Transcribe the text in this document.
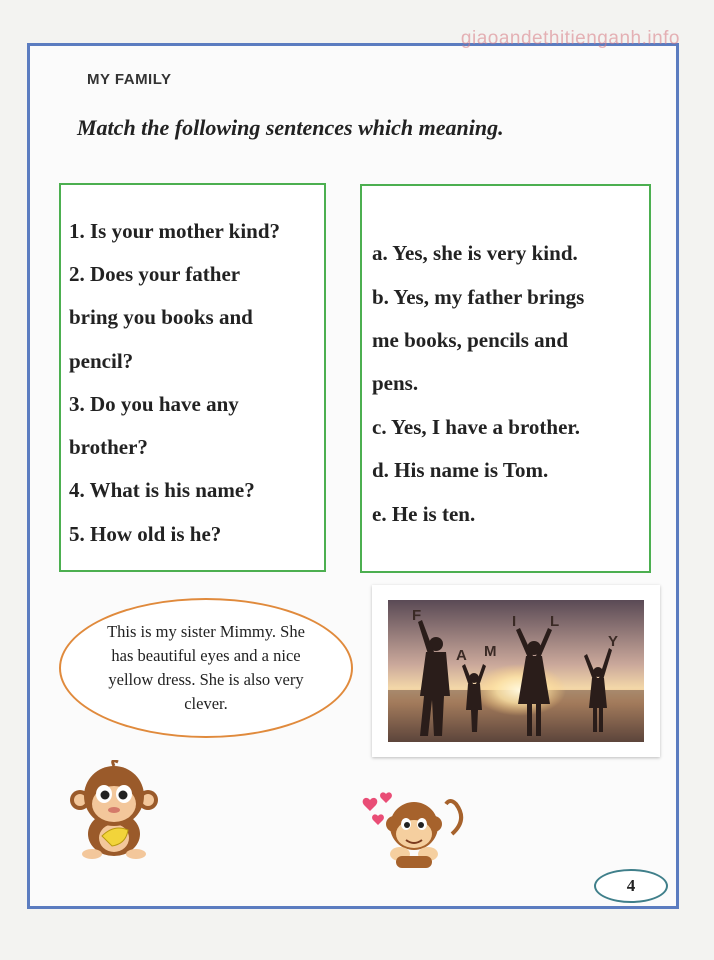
giaoandethitienganh.info
MY FAMILY
Match the following sentences which meaning.
1. Is your mother kind?
2. Does your father
bring you books and
pencil?
3. Do you have any
brother?
4. What is his name?
5. How old is he?
a. Yes, she is very kind.
b. Yes, my father brings
me books, pencils and
pens.
c. Yes, I have a brother.
d. His name is Tom.
e. He is ten.
This is my sister Mimmy. She has beautiful eyes and a nice yellow dress. She is also very clever.
F
A M
I L
Y
4
